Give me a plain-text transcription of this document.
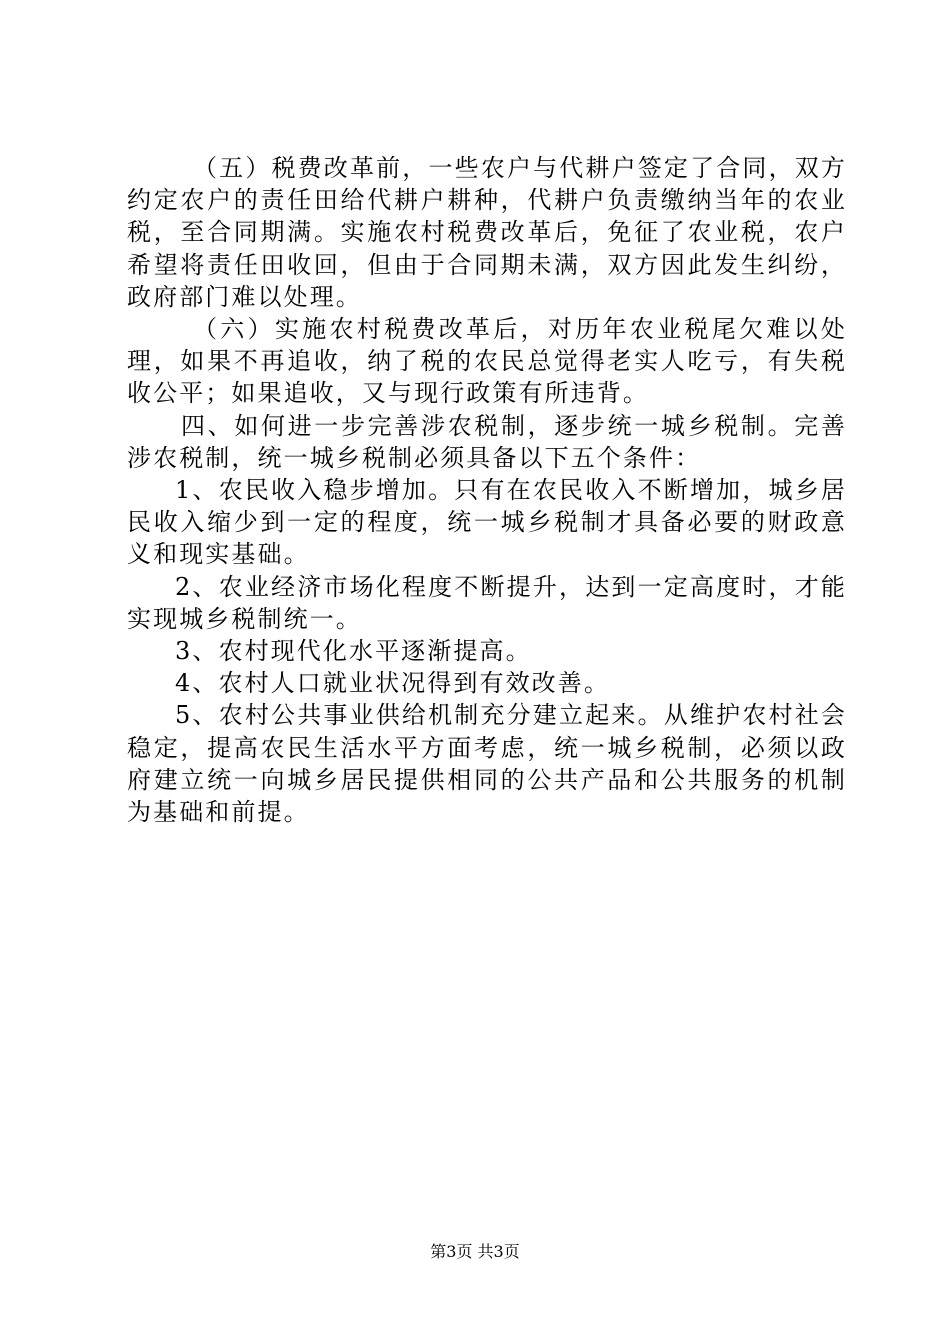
（五）税费改革前，一些农户与代耕户签定了合同，双方约定农户的责任田给代耕户耕种，代耕户负责缴纳当年的农业税，至合同期满。实施农村税费改革后，免征了农业税，农户希望将责任田收回，但由于合同期未满，双方因此发生纠纷，政府部门难以处理。

（六）实施农村税费改革后，对历年农业税尾欠难以处理，如果不再追收，纳了税的农民总觉得老实人吃亏，有失税收公平；如果追收，又与现行政策有所违背。

四、如何进一步完善涉农税制，逐步统一城乡税制。完善涉农税制，统一城乡税制必须具备以下五个条件：

1、农民收入稳步增加。只有在农民收入不断增加，城乡居民收入缩少到一定的程度，统一城乡税制才具备必要的财政意义和现实基础。

2、农业经济市场化程度不断提升，达到一定高度时，才能实现城乡税制统一。

3、农村现代化水平逐渐提高。

4、农村人口就业状况得到有效改善。

5、农村公共事业供给机制充分建立起来。从维护农村社会稳定，提高农民生活水平方面考虑，统一城乡税制，必须以政府建立统一向城乡居民提供相同的公共产品和公共服务的机制为基础和前提。

第3页 共3页
